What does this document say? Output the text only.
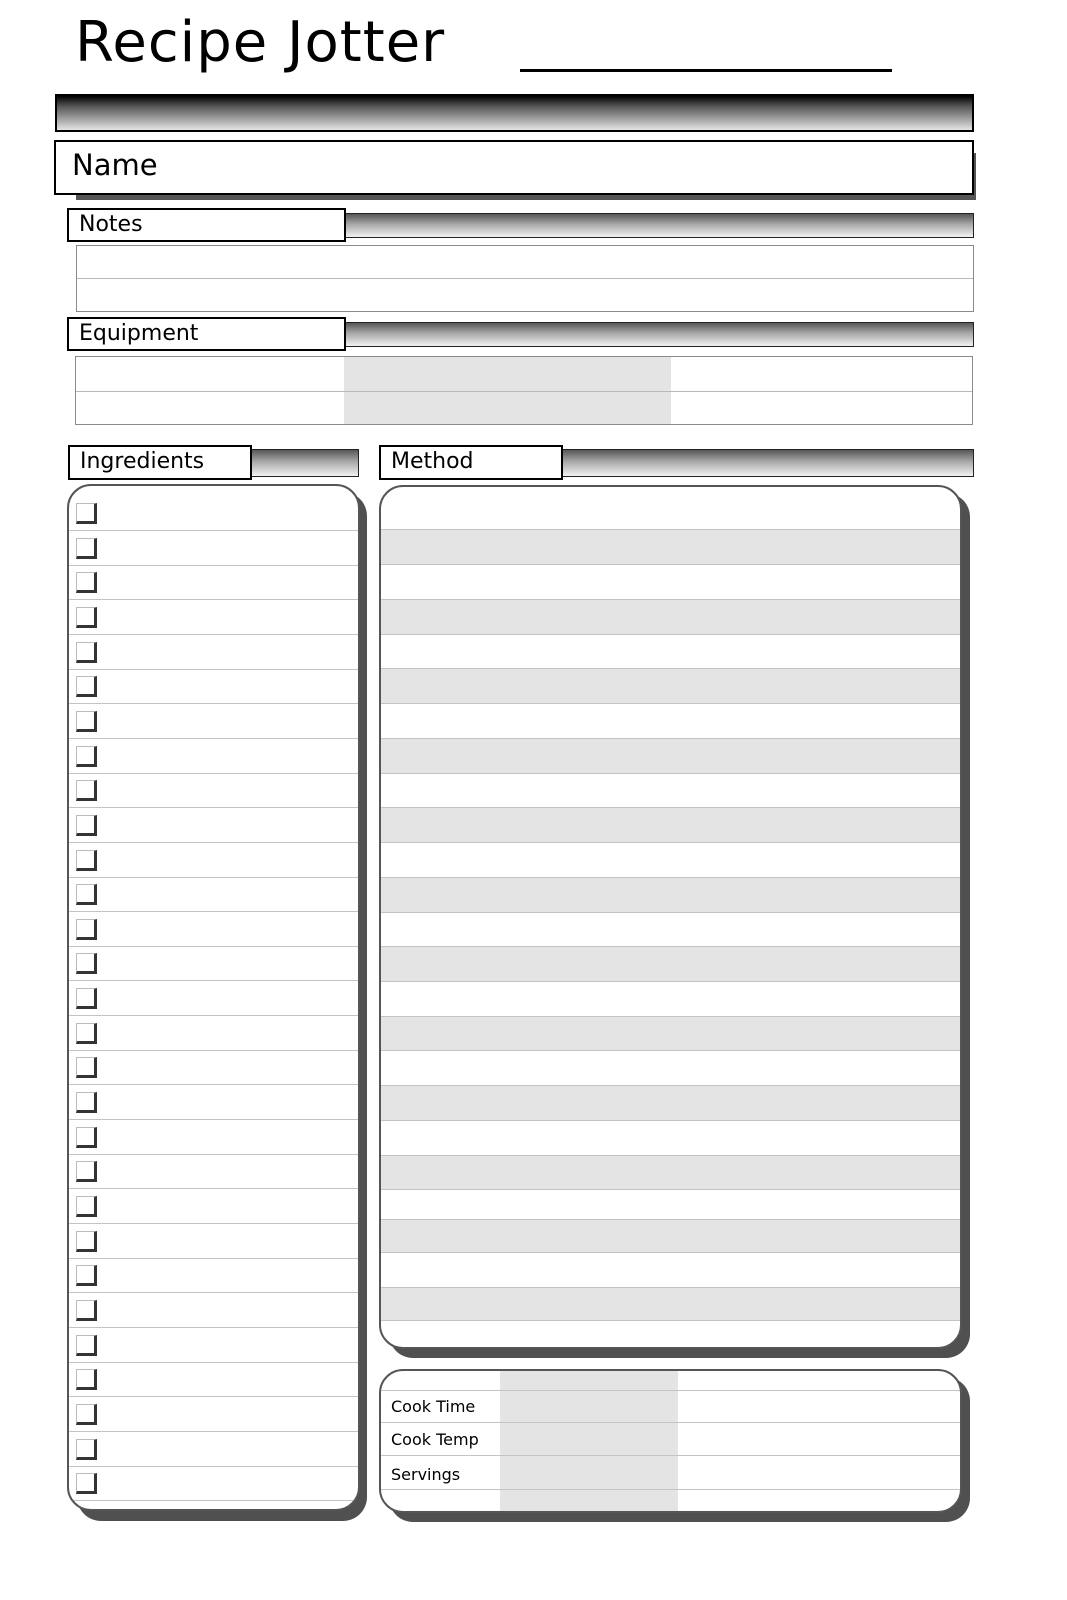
Recipe Jotter
Name
Notes
Equipment
Ingredients	Method
Cook Time
Cook Temp
Servings
